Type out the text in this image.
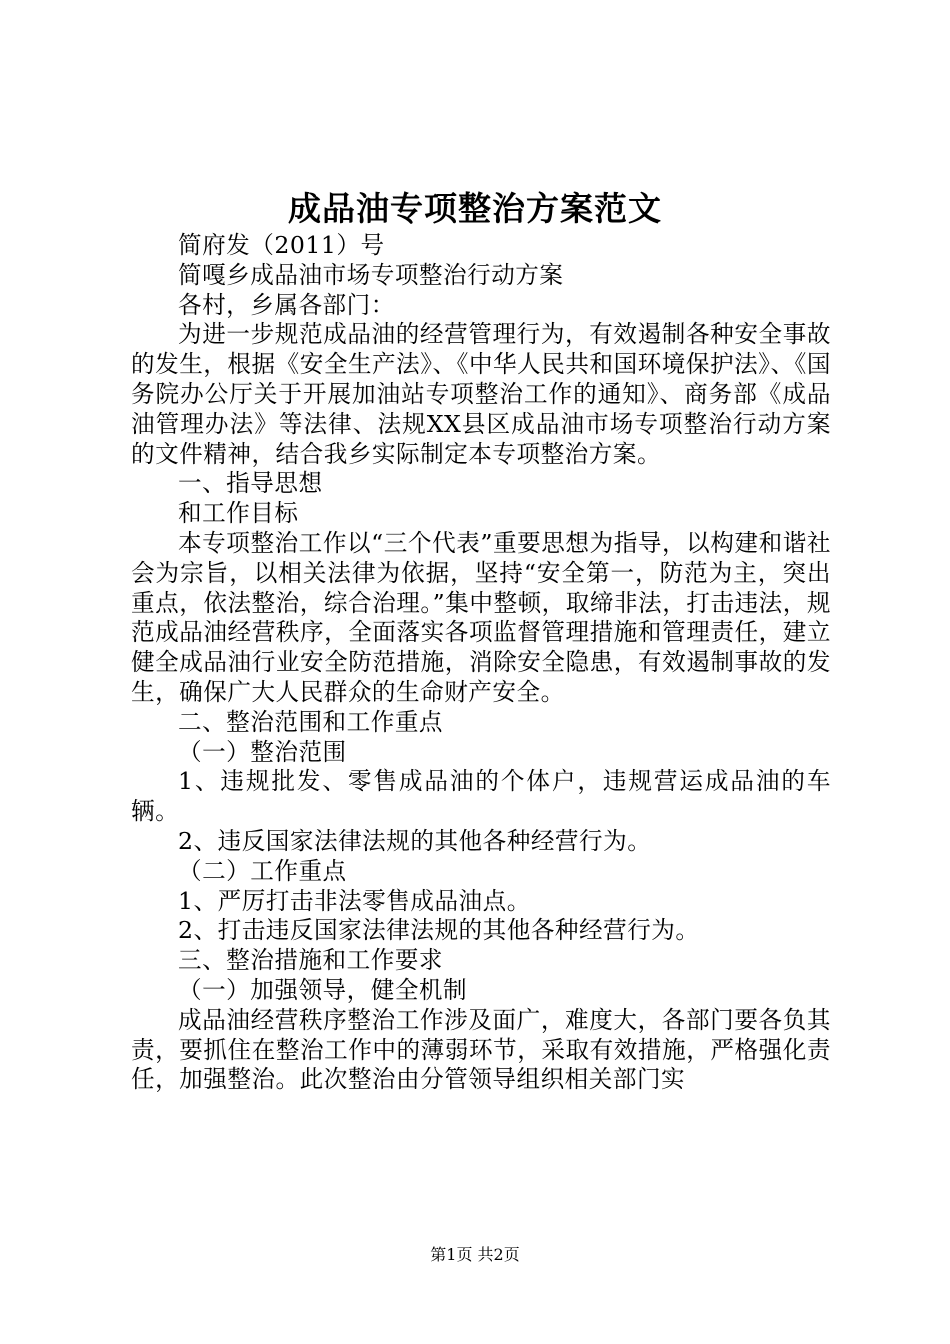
成品油专项整治方案范文

简府发（2011）号

简嘎乡成品油市场专项整治行动方案

各村，乡属各部门：

为进一步规范成品油的经营管理行为，有效遏制各种安全事故的发生，根据《安全生产法》、《中华人民共和国环境保护法》、《国务院办公厅关于开展加油站专项整治工作的通知》、商务部《成品油管理办法》等法律、法规XX县区成品油市场专项整治行动方案的文件精神，结合我乡实际制定本专项整治方案。

一、指导思想

和工作目标

本专项整治工作以“三个代表”重要思想为指导，以构建和谐社会为宗旨，以相关法律为依据，坚持“安全第一，防范为主，突出重点，依法整治，综合治理。”集中整顿，取缔非法，打击违法，规范成品油经营秩序，全面落实各项监督管理措施和管理责任，建立健全成品油行业安全防范措施，消除安全隐患，有效遏制事故的发生，确保广大人民群众的生命财产安全。

二、整治范围和工作重点

（一）整治范围

1、违规批发、零售成品油的个体户，违规营运成品油的车辆。

2、违反国家法律法规的其他各种经营行为。

（二）工作重点

1、严厉打击非法零售成品油点。

2、打击违反国家法律法规的其他各种经营行为。

三、整治措施和工作要求

（一）加强领导，健全机制

成品油经营秩序整治工作涉及面广，难度大，各部门要各负其责，要抓住在整治工作中的薄弱环节，采取有效措施，严格强化责任，加强整治。此次整治由分管领导组织相关部门实

第1页 共2页
